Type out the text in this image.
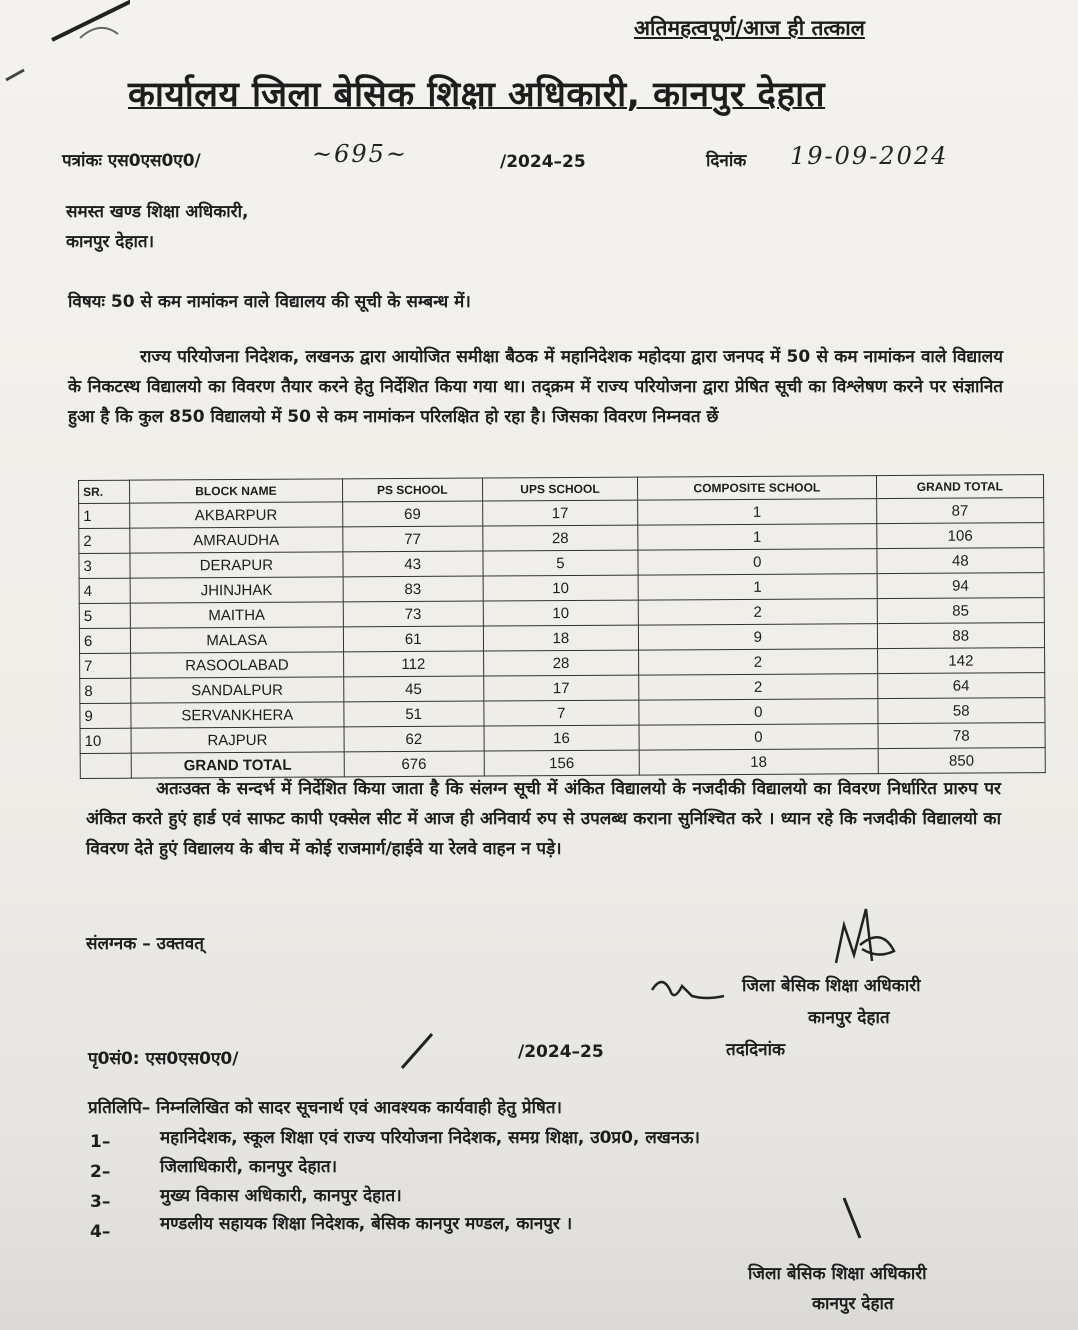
अतिमहत्वपूर्ण/आज ही तत्काल
कार्यालय जिला बेसिक शिक्षा अधिकारी, कानपुर देहात
पत्रांकः एस0एस0ए0/	~695~	/2024–25	दिनांक 19-09-2024
समस्त खण्ड शिक्षा अधिकारी,
कानपुर देहात।
विषयः 50 से कम नामांकन वाले विद्यालय की सूची के सम्बन्ध में।
राज्य परियोजना निदेशक, लखनऊ द्वारा आयोजित समीक्षा बैठक में महानिदेशक महोदया द्वारा जनपद में 50 से कम नामांकन वाले विद्यालय के निकटस्थ विद्यालयो का विवरण तैयार करने हेतु निर्देशित किया गया था। तद्क्रम में राज्य परियोजना द्वारा प्रेषित सूची का विश्लेषण करने पर संज्ञानित हुआ है कि कुल 850 विद्यालयो में 50 से कम नामांकन परिलक्षित हो रहा है। जिसका विवरण निम्नवत छें
SR.	BLOCK NAME	PS SCHOOL	UPS SCHOOL	COMPOSITE SCHOOL	GRAND TOTAL
1	AKBARPUR	69	17	1	87
2	AMRAUDHA	77	28	1	106
3	DERAPUR	43	5	0	48
4	JHINJHAK	83	10	1	94
5	MAITHA	73	10	2	85
6	MALASA	61	18	9	88
7	RASOOLABAD	112	28	2	142
8	SANDALPUR	45	17	2	64
9	SERVANKHERA	51	7	0	58
10	RAJPUR	62	16	0	78
	GRAND TOTAL	676	156	18	850
अतःउक्त के सन्दर्भ में निर्देशित किया जाता है कि संलग्न सूची में अंकित विद्यालयो के नजदीकी विद्यालयो का विवरण निर्धारित प्रारुप पर अंकित करते हुएं हार्ड एवं साफट कापी एक्सेल सीट में आज ही अनिवार्य रुप से उपलब्ध कराना सुनिश्चित करे । ध्यान रहे कि नजदीकी विद्यालयो का विवरण देते हुएं विद्यालय के बीच में कोई राजमार्ग/हाईवे या रेलवे वाहन न पड़े।
संलग्नक – उक्तवत्
जिला बेसिक शिक्षा अधिकारी
कानपुर देहात
पृ0सं0: एस0एस0ए0/	/2024–25	तददिनांक
प्रतिलिपि– निम्नलिखित को सादर सूचनार्थ एवं आवश्यक कार्यवाही हेतु प्रेषित।
1–	महानिदेशक, स्कूल शिक्षा एवं राज्य परियोजना निदेशक, समग्र शिक्षा, उ0प्र0, लखनऊ।
2–	जिलाधिकारी, कानपुर देहात।
3–	मुख्य विकास अधिकारी, कानपुर देहात।
4–	मण्डलीय सहायक शिक्षा निदेशक, बेसिक कानपुर मण्डल, कानपुर ।
जिला बेसिक शिक्षा अधिकारी
कानपुर देहात
